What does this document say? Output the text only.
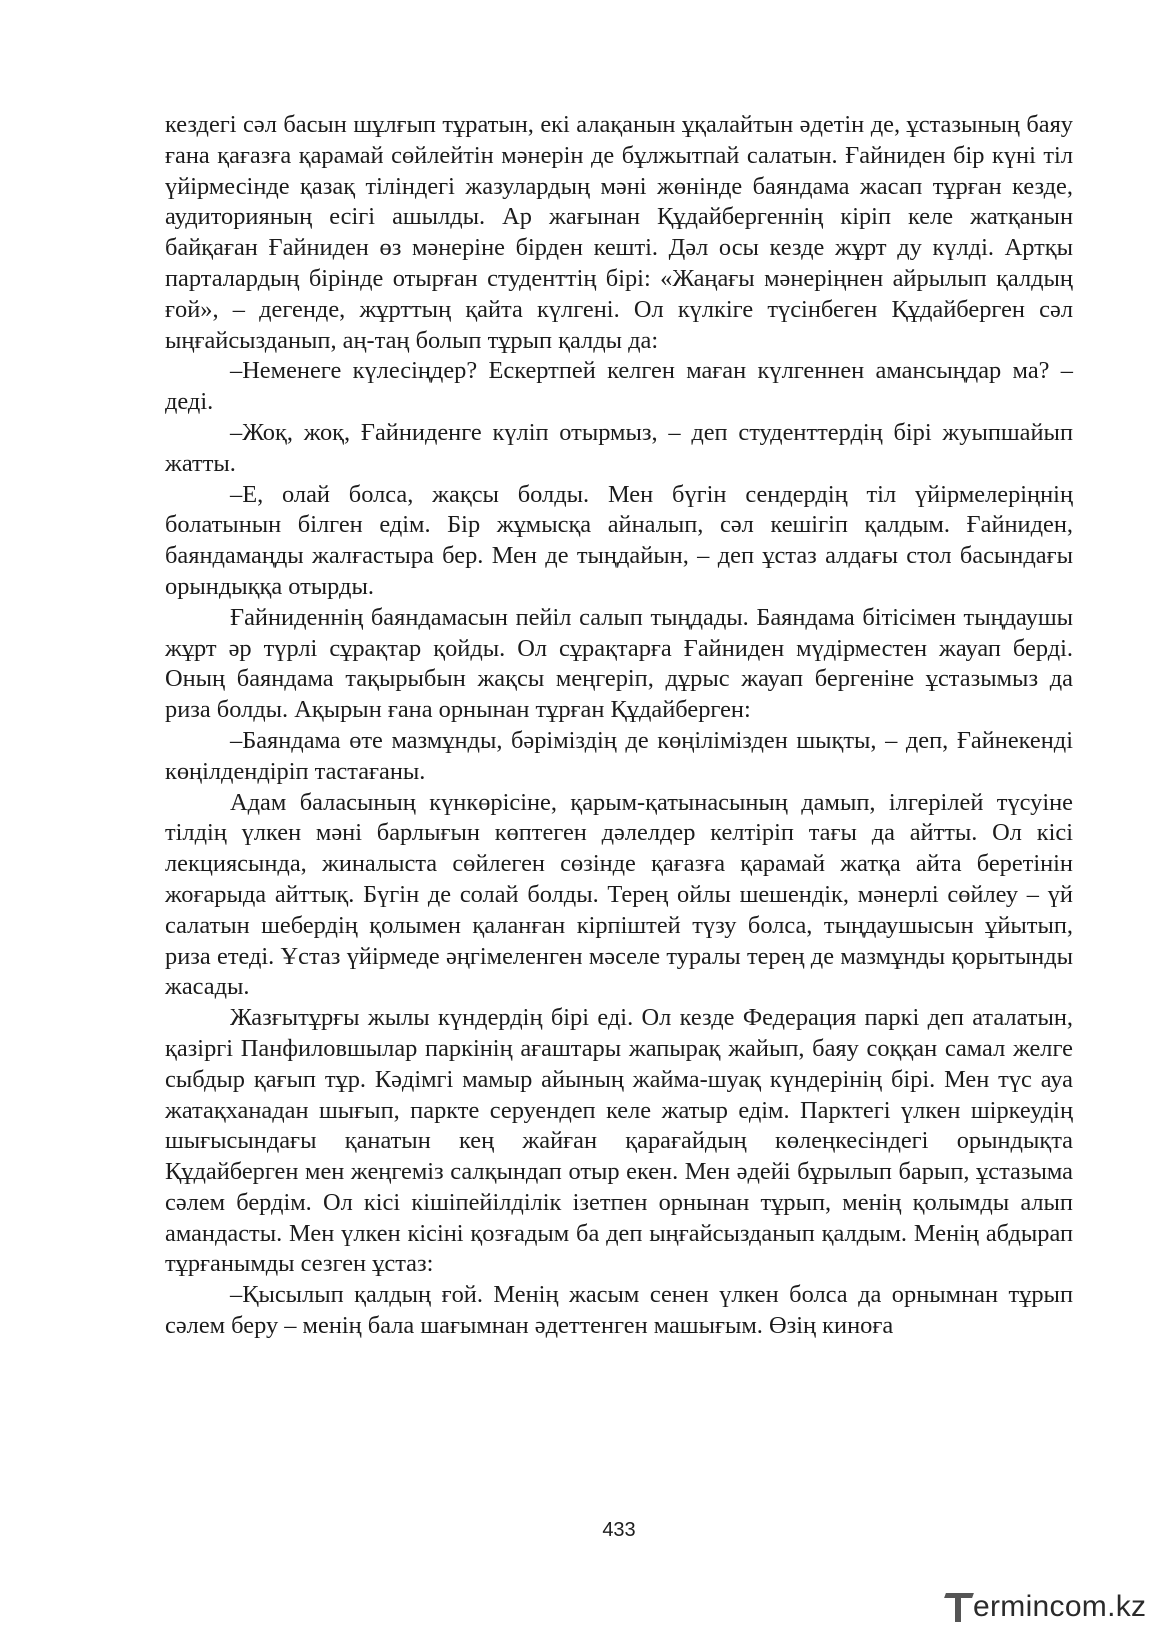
кездегі сәл басын шұлғып тұратын, екі алақанын ұқалайтын әдетін де, ұстазының баяу ғана қағазға қарамай сөйлейтін мәнерін де бұлжытпай салатын. Ғайниден бір күні тіл үйірмесінде қазақ тіліндегі жазулардың мәні жөнінде баяндама жасап тұрған кезде, аудиторияның есігі ашылды. Ар жағынан Құдайбергеннің кіріп келе жатқанын байқаған Ғайниден өз мәнеріне бірден кешті. Дәл осы кезде жұрт ду күлді. Артқы парталардың бірінде отырған студенттің бірі: «Жаңағы мәнеріңнен айрылып қалдың ғой», – дегенде, жұрттың қайта күлгені. Ол күлкіге түсінбеген Құдайберген сәл ыңғайсызданып, аң-таң болып тұрып қалды да:

–Неменеге күлесіңдер? Ескертпей келген маған күлгеннен амансыңдар ма? – деді.

–Жоқ, жоқ, Ғайниденге күліп отырмыз, – деп студенттердің бірі жуыпшайып жатты.

–Е, олай болса, жақсы болды. Мен бүгін сендердің тіл үйірмелеріңнің болатынын білген едім. Бір жұмысқа айналып, сәл кешігіп қалдым. Ғайниден, баяндамаңды жалғастыра бер. Мен де тыңдайын, – деп ұстаз алдағы стол басындағы орындыққа отырды.

Ғайниденнің баяндамасын пейіл салып тыңдады. Баяндама бітісімен тыңдаушы жұрт әр түрлі сұрақтар қойды. Ол сұрақтарға Ғайниден мүдірместен жауап берді. Оның баяндама тақырыбын жақсы меңгеріп, дұрыс жауап бергеніне ұстазымыз да риза болды. Ақырын ғана орнынан тұрған Құдайберген:

–Баяндама өте мазмұнды, бәрімiздің де көңілімізден шықты, – деп, Ғайнекенді көңілдендіріп тастағаны.

Адам баласының күнкөрісіне, қарым-қатынасының дамып, ілгерілей түсуіне тілдің үлкен мәні барлығын көптеген дәлелдер келтіріп тағы да айтты. Ол кісі лекциясында, жиналыста сөйлеген сөзінде қағазға қарамай жатқа айта беретінін жоғарыда айттық. Бүгін де солай болды. Терең ойлы шешендік, мәнерлі сөйлеу – үй салатын шебердің қолымен қаланған кірпіштей түзу болса, тыңдаушысын ұйытып, риза етеді. Ұстаз үйірмеде әңгімеленген мәселе туралы терең де мазмұнды қорытынды жасады.

Жазғытұрғы жылы күндердің бірі еді. Ол кезде Федерация паркі деп аталатын, қазіргі Панфиловшылар паркінің ағаштары жапырақ жайып, баяу соққан самал желге сыбдыр қағып тұр. Кәдімгі мамыр айының жайма-шуақ күндерінің бірі. Мен түс ауа жатақханадан шығып, паркте серуендеп келе жатыр едім. Парктегі үлкен шіркеудің шығысындағы қанатын кең жайған қарағайдың көлеңкесіндегі орындықта Құдайберген мен жеңгеміз салқындап отыр екен. Мен әдейі бұрылып барып, ұстазыма сәлем бердім. Ол кісі кішіпейілділік ізетпен орнынан тұрып, менің қолымды алып амандасты. Мен үлкен кісіні қозғадым ба деп ыңғайсызданып қалдым. Менің абдырап тұрғанымды сезген ұстаз:

–Қысылып қалдың ғой. Менің жасым сенен үлкен болса да орнымнан тұрып сәлем беру – менің бала шағымнан әдеттенген машығым. Өзің киноға

433
ermincom.kz
